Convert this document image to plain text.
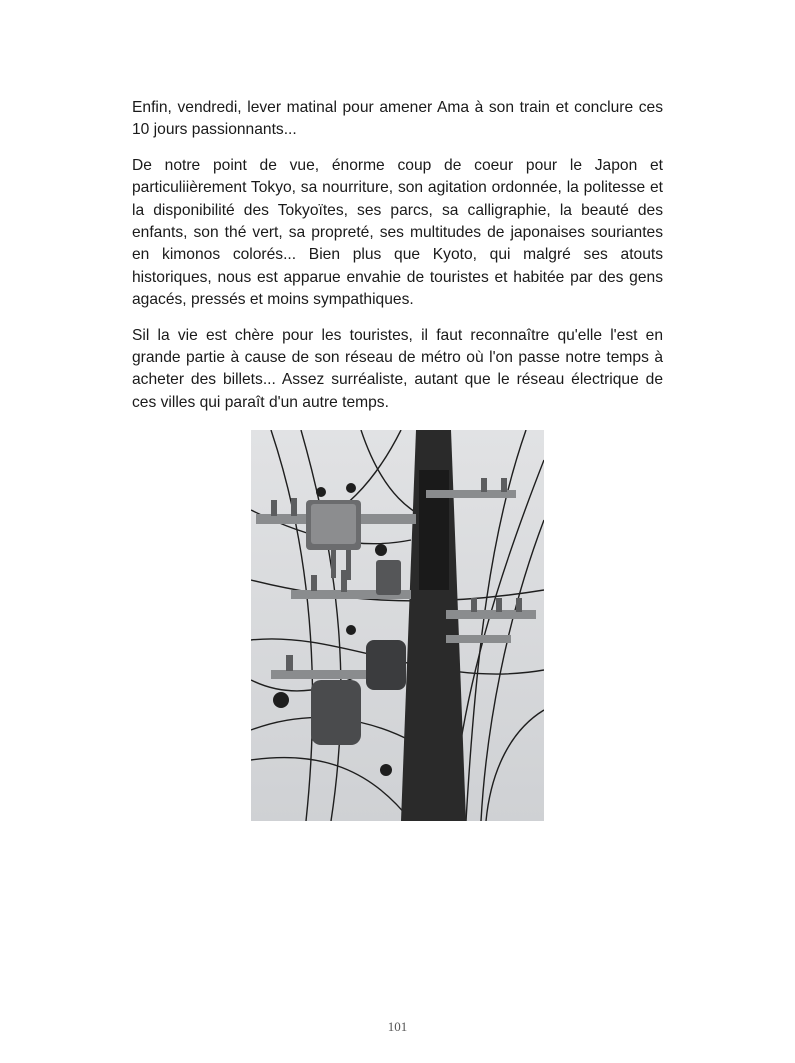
Enfin, vendredi, lever matinal pour amener Ama à son train et conclure ces 10 jours passionnants...

De notre point de vue, énorme coup de coeur pour le Japon et particuliièrement Tokyo, sa nourriture, son agitation ordonnée, la politesse et la disponibilité des Tokyoïtes, ses parcs, sa calligraphie, la beauté des enfants, son thé vert, sa propreté, ses multitudes de japonaises souriantes en kimonos colorés... Bien plus que Kyoto, qui malgré ses atouts historiques, nous est apparue envahie de touristes et habitée par des gens agacés, pressés et moins sympathiques.

Sil la vie est chère pour les touristes, il faut reconnaître qu'elle l'est en grande partie à cause de son réseau de métro où l'on passe notre temps à acheter des billets... Assez surréaliste, autant que le réseau électrique de ces villes qui paraît d'un autre temps.

101
